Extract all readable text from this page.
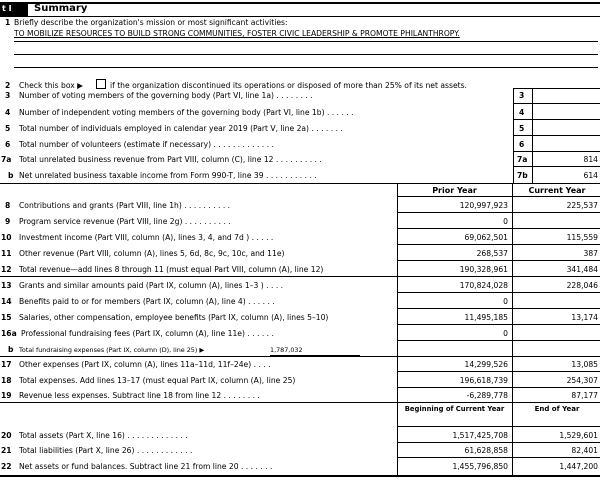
t I	Summary
1 Briefly describe the organization's mission or most significant activities:
TO MOBILIZE RESOURCES TO BUILD STRONG COMMUNITIES, FOSTER CIVIC LEADERSHIP & PROMOTE PHILANTHROPY.
2 Check this box ▶	if the organization discontinued its operations or disposed of more than 25% of its net assets.
3 Number of voting members of the governing body (Part VI, line 1a) . . . . . . . .	3
4 Number of independent voting members of the governing body (Part VI, line 1b) . . . . . .	4
5 Total number of individuals employed in calendar year 2019 (Part V, line 2a) . . . . . . .	5
6 Total number of volunteers (estimate if necessary) . . . . . . . . . . . . .	6
7a Total unrelated business revenue from Part VIII, column (C), line 12 . . . . . . . . . .	7a	814
b Net unrelated business taxable income from Form 990-T, line 39 . . . . . . . . . . .	7b	614
Prior Year	Current Year
8 Contributions and grants (Part VIII, line 1h) . . . . . . . . . .	120,997,923	225,537
9 Program service revenue (Part VIII, line 2g) . . . . . . . . . .	0
10 Investment income (Part VIII, column (A), lines 3, 4, and 7d ) . . . . .	69,062,501	115,559
11 Other revenue (Part VIII, column (A), lines 5, 6d, 8c, 9c, 10c, and 11e)	268,537	387
12 Total revenue—add lines 8 through 11 (must equal Part VIII, column (A), line 12)	190,328,961	341,484
13 Grants and similar amounts paid (Part IX, column (A), lines 1–3 ) . . . .	170,824,028	228,046
14 Benefits paid to or for members (Part IX, column (A), line 4) . . . . . .	0
15 Salaries, other compensation, employee benefits (Part IX, column (A), lines 5–10)	11,495,185	13,174
16a Professional fundraising fees (Part IX, column (A), line 11e) . . . . . .	0
b Total fundraising expenses (Part IX, column (D), line 25) ▶	1,787,032
17 Other expenses (Part IX, column (A), lines 11a–11d, 11f–24e) . . . .	14,299,526	13,085
18 Total expenses. Add lines 13–17 (must equal Part IX, column (A), line 25)	196,618,739	254,307
19 Revenue less expenses. Subtract line 18 from line 12 . . . . . . . .	-6,289,778	87,177
Beginning of Current Year	End of Year
20 Total assets (Part X, line 16) . . . . . . . . . . . . .	1,517,425,708	1,529,601
21 Total liabilities (Part X, line 26) . . . . . . . . . . . .	61,628,858	82,401
22 Net assets or fund balances. Subtract line 21 from line 20 . . . . . . .	1,455,796,850	1,447,200
